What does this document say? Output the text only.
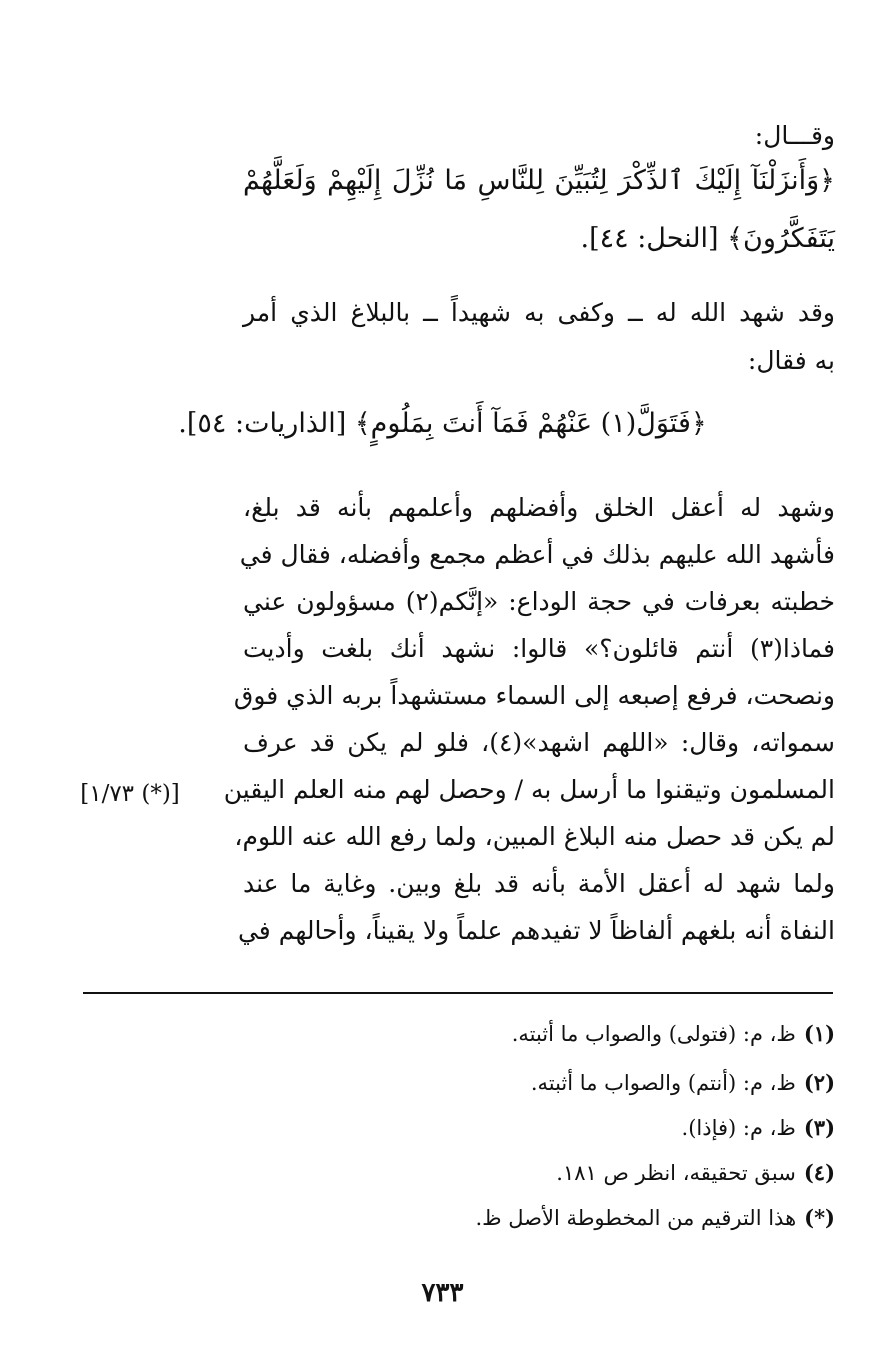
وقـــال:
﴿وَأَنزَلْنَآ إِلَيْكَ ٱلذِّكْرَ لِتُبَيِّنَ لِلنَّاسِ مَا نُزِّلَ إِلَيْهِمْ وَلَعَلَّهُمْ
يَتَفَكَّرُونَ﴾ [النحل: ٤٤].
وقد شهد الله له ــ وكفى به شهيداً ــ بالبلاغ الذي أمر
به فقال:
﴿فَتَوَلَّ(١) عَنْهُمْ فَمَآ أَنتَ بِمَلُومٍ﴾ [الذاريات: ٥٤].
وشهد له أعقل الخلق وأفضلهم وأعلمهم بأنه قد بلغ،
فأشهد الله عليهم بذلك في أعظم مجمع وأفضله، فقال في
خطبته بعرفات في حجة الوداع: «إنَّكم(٢) مسؤولون عني
فماذا(٣) أنتم قائلون؟» قالوا: نشهد أنك بلغت وأديت
ونصحت، فرفع إصبعه إلى السماء مستشهداً بربه الذي فوق
سمواته، وقال: «اللهم اشهد»(٤)، فلو لم يكن قد عرف
المسلمون وتيقنوا ما أرسل به / وحصل لهم منه العلم اليقين
لم يكن قد حصل منه البلاغ المبين، ولما رفع الله عنه اللوم،
ولما شهد له أعقل الأمة بأنه قد بلغ وبين. وغاية ما عند
النفاة أنه بلغهم ألفاظاً لا تفيدهم علماً ولا يقيناً، وأحالهم في
[(*) ١/٧٣]
(١)ظ، م: (فتولى) والصواب ما أثبته.
(٢)ظ، م: (أنتم) والصواب ما أثبته.
(٣)ظ، م: (فإذا).
(٤)سبق تحقيقه، انظر ص ١٨١.
(*)هذا الترقيم من المخطوطة الأصل ظ.
٧٣٣
